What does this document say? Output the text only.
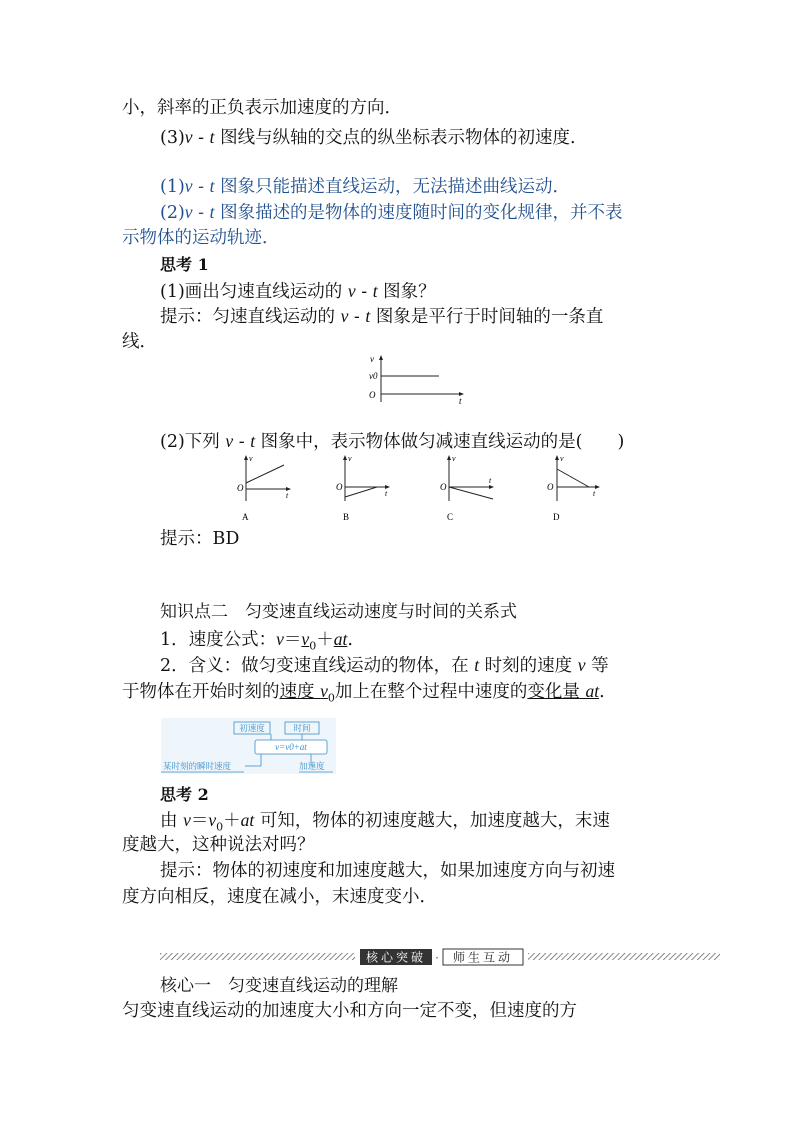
小，斜率的正负表示加速度的方向．
(3)v - t 图线与纵轴的交点的纵坐标表示物体的初速度.
(1)v - t 图象只能描述直线运动，无法描述曲线运动．
(2)v - t 图象描述的是物体的速度随时间的变化规律，并不表
示物体的运动轨迹．
思考 1
(1)画出匀速直线运动的 v - t 图象？
提示：匀速直线运动的 v - t 图象是平行于时间轴的一条直
线．
v
v0
O
t
(2)下列 v - t 图象中，表示物体做匀减速直线运动的是(　　)
v
O
t
A
v
O
t
B
v
O
t
C
v
O
t
D
提示：BD
知识点二　匀变速直线运动速度与时间的关系式
1．速度公式：$v=v_0+at$.
2．含义：做匀变速直线运动的物体，在 t 时刻的速度 v 等
于物体在开始时刻的速度 $v_0$加上在整个过程中速度的变化量 at.
初速度	时间
v=v0+at
某时刻的瞬时速度	加速度
思考 2
由 $v=v_0+at$ 可知，物体的初速度越大，加速度越大，末速
度越大，这种说法对吗？
提示：物体的初速度和加速度越大，如果加速度方向与初速
度方向相反，速度在减小，末速度变小．
核心突破 · 师生互动
核心一　匀变速直线运动的理解
匀变速直线运动的加速度大小和方向一定不变，但速度的方
